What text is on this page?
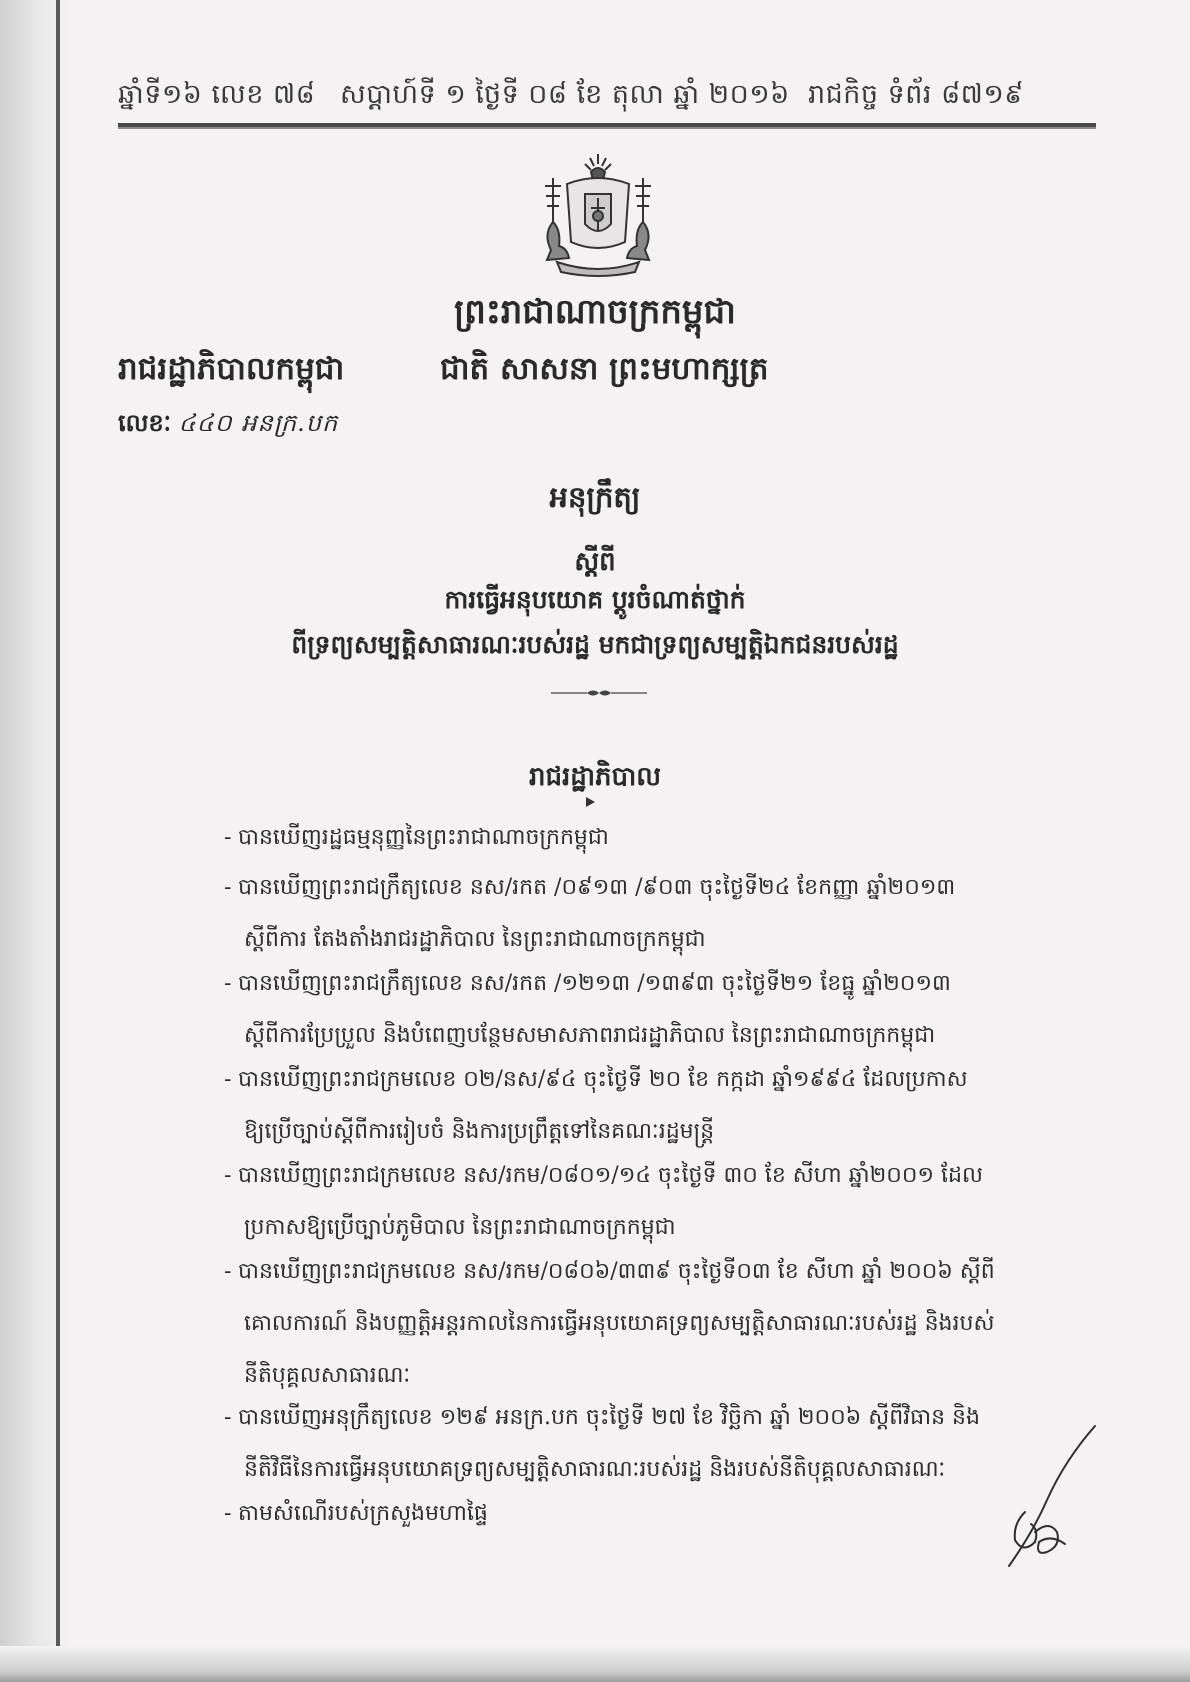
ឆ្នាំទី១៦ លេខ ៧៨ សប្តាហ៍ទី ១ ថ្ងៃទី ០៨ ខែ តុលា ឆ្នាំ ២០១៦ រាជកិច្ច ទំព័រ ៨៧១៩
ព្រះរាជាណាចក្រកម្ពុជា
រាជរដ្ឋាភិបាលកម្ពុជា	ជាតិ សាសនា ព្រះមហាក្សត្រ
លេខៈ ៤៤០ អនក្រ.បក
អនុក្រឹត្យ
ស្តីពី
ការធ្វើអនុបយោគ ប្តូរចំណាត់ថ្នាក់
ពីទ្រព្យសម្បត្តិសាធារណៈរបស់រដ្ឋ មកជាទ្រព្យសម្បត្តិឯកជនរបស់រដ្ឋ
រាជរដ្ឋាភិបាល
- បានឃើញរដ្ឋធម្មនុញ្ញនៃព្រះរាជាណាចក្រកម្ពុជា
- បានឃើញព្រះរាជក្រឹត្យលេខ នស/រកត /០៩១៣ /៩០៣ ចុះថ្ងៃទី២៤ ខែកញ្ញា ឆ្នាំ២០១៣
ស្តីពីការ តែងតាំងរាជរដ្ឋាភិបាល នៃព្រះរាជាណាចក្រកម្ពុជា
- បានឃើញព្រះរាជក្រឹត្យលេខ នស/រកត /១២១៣ /១៣៩៣ ចុះថ្ងៃទី២១ ខែធ្នូ ឆ្នាំ២០១៣
ស្តីពីការប្រែប្រួល និងបំពេញបន្ថែមសមាសភាពរាជរដ្ឋាភិបាល នៃព្រះរាជាណាចក្រកម្ពុជា
- បានឃើញព្រះរាជក្រមលេខ ០២/នស/៩៤ ចុះថ្ងៃទី ២០ ខែ កក្កដា ឆ្នាំ១៩៩៤ ដែលប្រកាស
ឱ្យប្រើច្បាប់ស្តីពីការរៀបចំ និងការប្រព្រឹត្តទៅនៃគណៈរដ្ឋមន្ត្រី
- បានឃើញព្រះរាជក្រមលេខ នស/រកម/០៨០១/១៤ ចុះថ្ងៃទី ៣០ ខែ សីហា ឆ្នាំ២០០១ ដែល
ប្រកាសឱ្យប្រើច្បាប់ភូមិបាល នៃព្រះរាជាណាចក្រកម្ពុជា
- បានឃើញព្រះរាជក្រមលេខ នស/រកម/០៨០៦/៣៣៩ ចុះថ្ងៃទី០៣ ខែ សីហា ឆ្នាំ ២០០៦ ស្តីពី
គោលការណ៍ និងបញ្ញត្តិអន្តរកាលនៃការធ្វើអនុបយោគទ្រព្យសម្បត្តិសាធារណៈរបស់រដ្ឋ និងរបស់
នីតិបុគ្គលសាធារណៈ
- បានឃើញអនុក្រឹត្យលេខ ១២៩ អនក្រ.បក ចុះថ្ងៃទី ២៧ ខែ វិច្ឆិកា ឆ្នាំ ២០០៦ ស្តីពីវិធាន និង
នីតិវិធីនៃការធ្វើអនុបយោគទ្រព្យសម្បត្តិសាធារណៈរបស់រដ្ឋ និងរបស់នីតិបុគ្គលសាធារណៈ
- តាមសំណើរបស់ក្រសួងមហាផ្ទៃ
